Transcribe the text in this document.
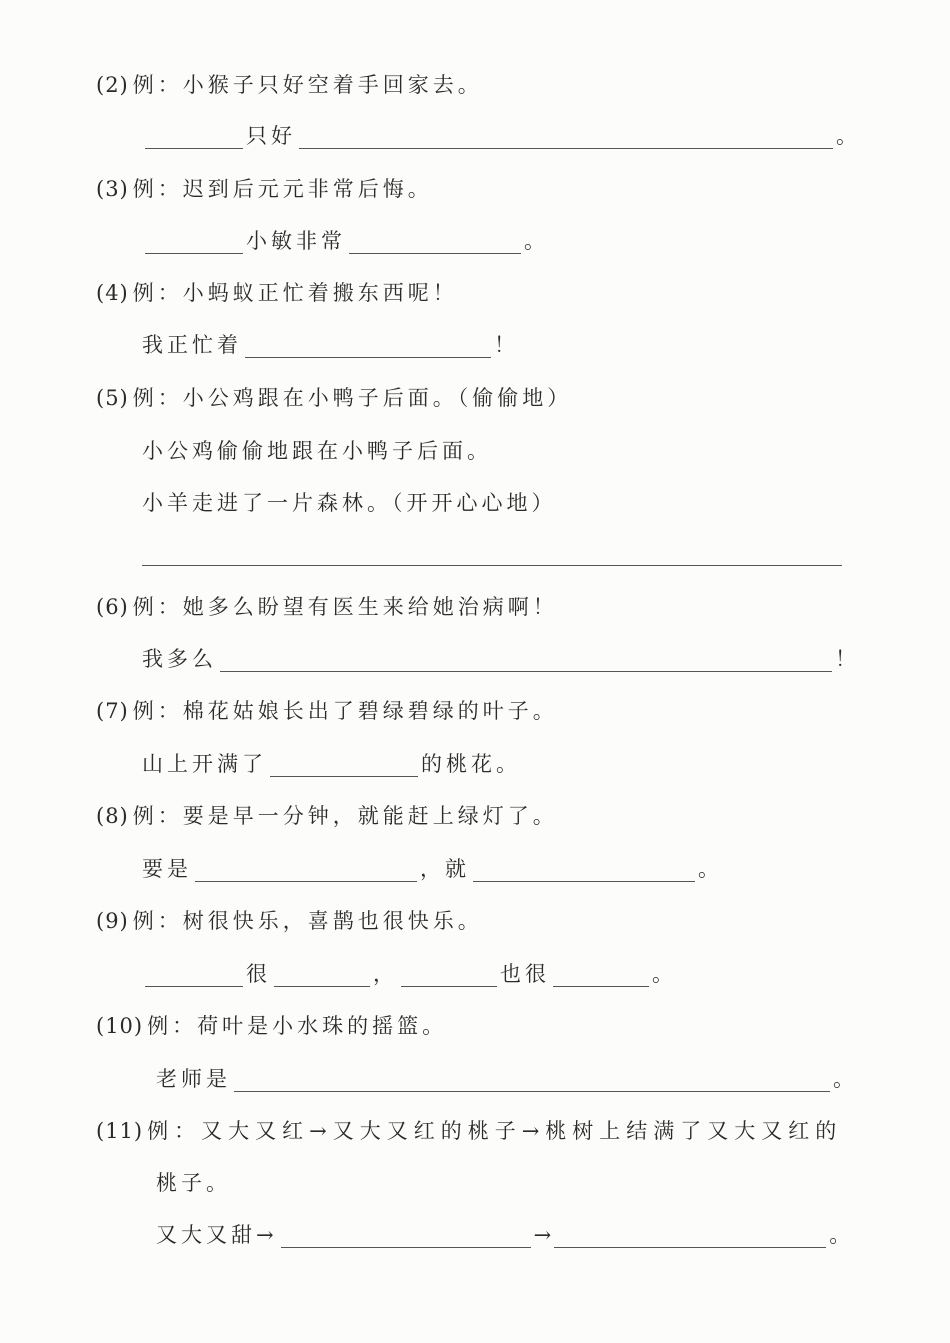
(2) 例：小猴子只好空着手回家去。
只好	。
(3) 例：迟到后元元非常后悔。
小敏非常	。
(4) 例：小蚂蚁正忙着搬东西呢！
我正忙着	！
(5) 例：小公鸡跟在小鸭子后面。（偷偷地）
小公鸡偷偷地跟在小鸭子后面。
小羊走进了一片森林。（开开心心地）
(6) 例：她多么盼望有医生来给她治病啊！
我多么	！
(7) 例：棉花姑娘长出了碧绿碧绿的叶子。
山上开满了	的桃花。
(8) 例：要是早一分钟，就能赶上绿灯了。
要是	，就	。
(9) 例：树很快乐，喜鹊也很快乐。
很	，	也很	。
(10) 例：荷叶是小水珠的摇篮。
老师是	。
(11) 例：又大又红→又大又红的桃子→桃树上结满了又大又红的
桃子。
又大又甜→	→	。
